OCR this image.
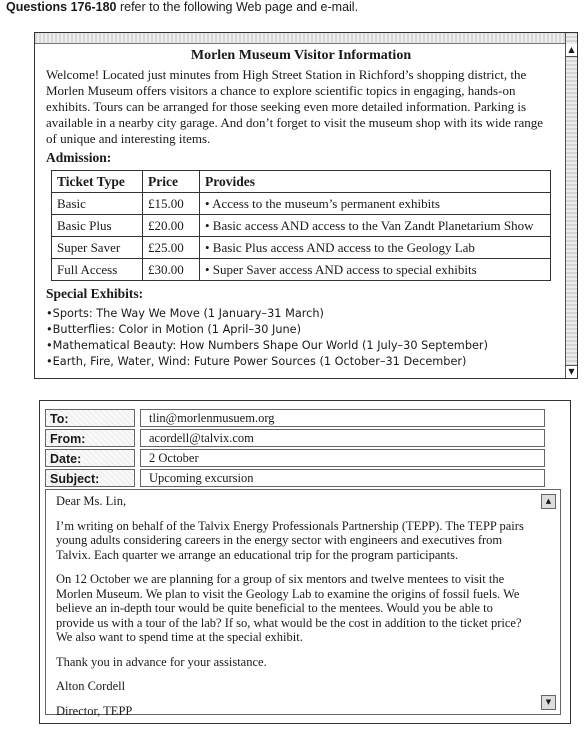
Questions 176-180 refer to the following Web page and e-mail.
▲
▼
Morlen Museum Visitor Information

Welcome! Located just minutes from High Street Station in Richford’s shopping district, the Morlen Museum offers visitors a chance to explore scientific topics in engaging, hands-on exhibits. Tours can be arranged for those seeking even more detailed information. Parking is available in a nearby city garage. And don’t forget to visit the museum shop with its wide range of unique and interesting items.

Admission:
Ticket Type	Price	Provides
Basic	£15.00	• Access to the museum’s permanent exhibits
Basic Plus	£20.00	• Basic access AND access to the Van Zandt Planetarium Show
Super Saver	£25.00	• Basic Plus access AND access to the Geology Lab
Full Access	£30.00	• Super Saver access AND access to special exhibits
Special Exhibits:
• Sports: The Way We Move (1 January–31 March)
• Butterflies: Color in Motion (1 April–30 June)
• Mathematical Beauty: How Numbers Shape Our World (1 July–30 September)
• Earth, Fire, Water, Wind: Future Power Sources (1 October–31 December)
To:	tlin@morlenmusuem.org
From:	acordell@talvix.com
Date:	2 October
Subject:	Upcoming excursion
▲
▼

Dear Ms. Lin,

I’m writing on behalf of the Talvix Energy Professionals Partnership (TEPP). The TEPP pairs young adults considering careers in the energy sector with engineers and executives from Talvix. Each quarter we arrange an educational trip for the program participants.

On 12 October we are planning for a group of six mentors and twelve mentees to visit the Morlen Museum. We plan to visit the Geology Lab to examine the origins of fossil fuels. We believe an in-depth tour would be quite beneficial to the mentees. Would you be able to provide us with a tour of the lab? If so, what would be the cost in addition to the ticket price? We also want to spend time at the special exhibit.

Thank you in advance for your assistance.

Alton Cordell

Director, TEPP
